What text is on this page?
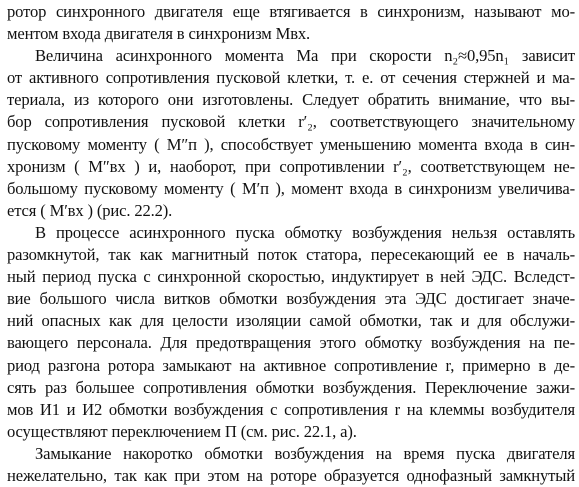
ротор синхронного двигателя еще втягивается в синхронизм, называют мо-
ментом входа двигателя в синхронизм Mвх.

Величина асинхронного момента Ma при скорости n₂≈0,95n₁ зависит
от активного сопротивления пусковой клетки, т. е. от сечения стержней и ма-
териала, из которого они изготовлены. Следует обратить внимание, что вы-
бор сопротивления пусковой клетки r′₂, соответствующего значительному
пусковому моменту ( M″п ), способствует уменьшению момента входа в син-
хронизм ( M″вх ) и, наоборот, при сопротивлении r′₂, соответствующем не-
большому пусковому моменту ( M′п ), момент входа в синхронизм увеличива-
ется ( M′вх ) (рис. 22.2).

В процессе асинхронного пуска обмотку возбуждения нельзя оставлять
разомкнутой, так как магнитный поток статора, пересекающий ее в началь-
ный период пуска с синхронной скоростью, индуктирует в ней ЭДС. Вследст-
вие большого числа витков обмотки возбуждения эта ЭДС достигает значе-
ний опасных как для целости изоляции самой обмотки, так и для обслужи-
вающего персонала. Для предотвращения этого обмотку возбуждения на пе-
риод разгона ротора замыкают на активное сопротивление r, примерно в де-
сять раз большее сопротивления обмотки возбуждения. Переключение зажи-
мов И1 и И2 обмотки возбуждения с сопротивления r на клеммы возбудителя
осуществляют переключением П (см. рис. 22.1, а).

Замыкание накоротко обмотки возбуждения на время пуска двигателя
нежелательно, так как при этом на роторе образуется однофазный замкнутый
